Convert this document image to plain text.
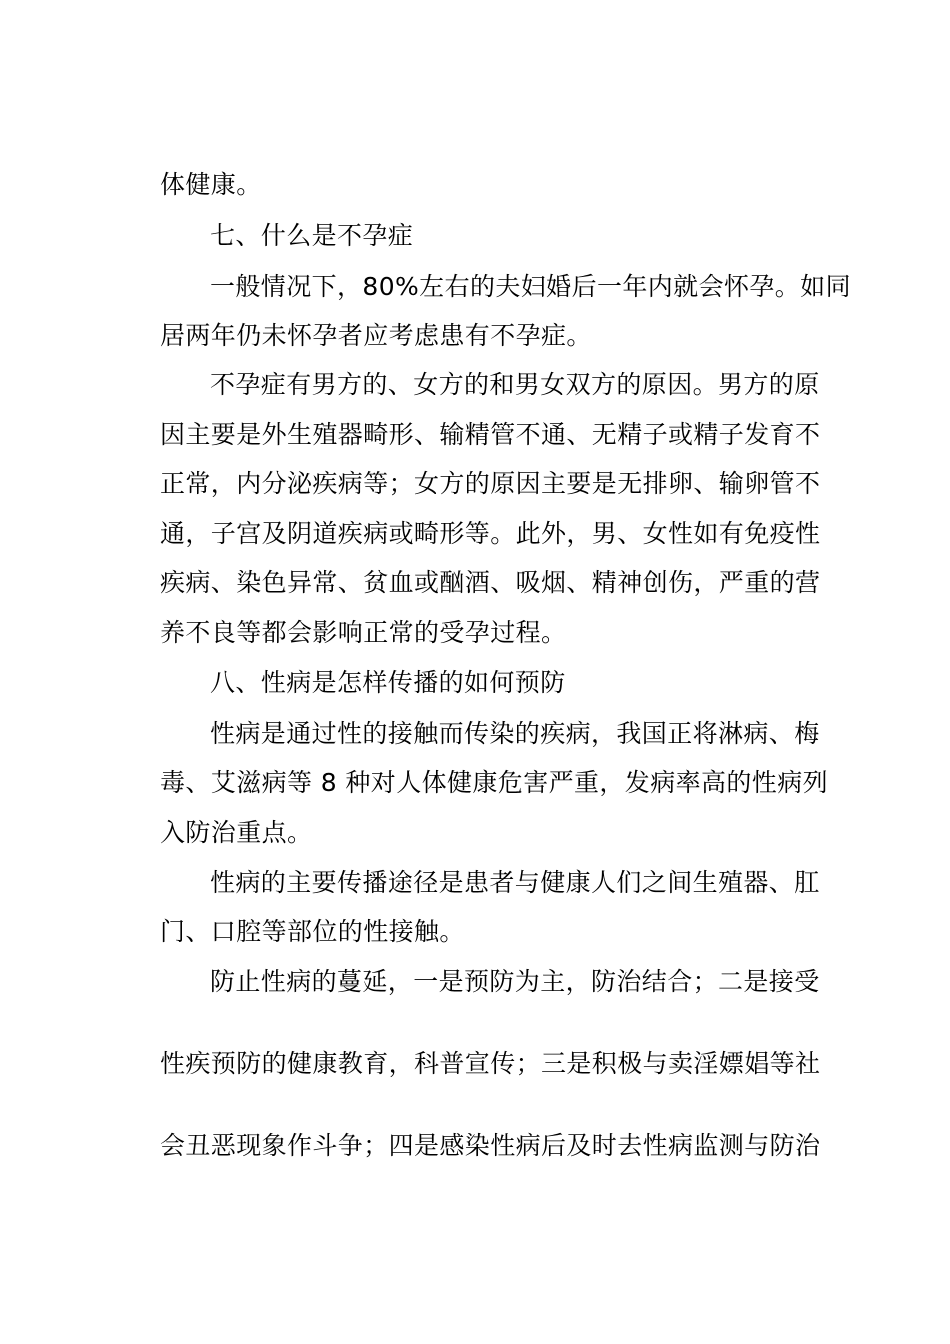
体健康。
七、什么是不孕症
一般情况下，80%左右的夫妇婚后一年内就会怀孕。如同
居两年仍未怀孕者应考虑患有不孕症。
不孕症有男方的、女方的和男女双方的原因。男方的原
因主要是外生殖器畸形、输精管不通、无精子或精子发育不
正常，内分泌疾病等；女方的原因主要是无排卵、输卵管不
通，子宫及阴道疾病或畸形等。此外，男、女性如有免疫性
疾病、染色异常、贫血或酗酒、吸烟、精神创伤，严重的营
养不良等都会影响正常的受孕过程。
八、性病是怎样传播的如何预防
性病是通过性的接触而传染的疾病，我国正将淋病、梅
毒、艾滋病等 8 种对人体健康危害严重，发病率高的性病列
入防治重点。
性病的主要传播途径是患者与健康人们之间生殖器、肛
门、口腔等部位的性接触。
防止性病的蔓延，一是预防为主，防治结合；二是接受
性疾预防的健康教育，科普宣传；三是积极与卖淫嫖娼等社
会丑恶现象作斗争；四是感染性病后及时去性病监测与防治
